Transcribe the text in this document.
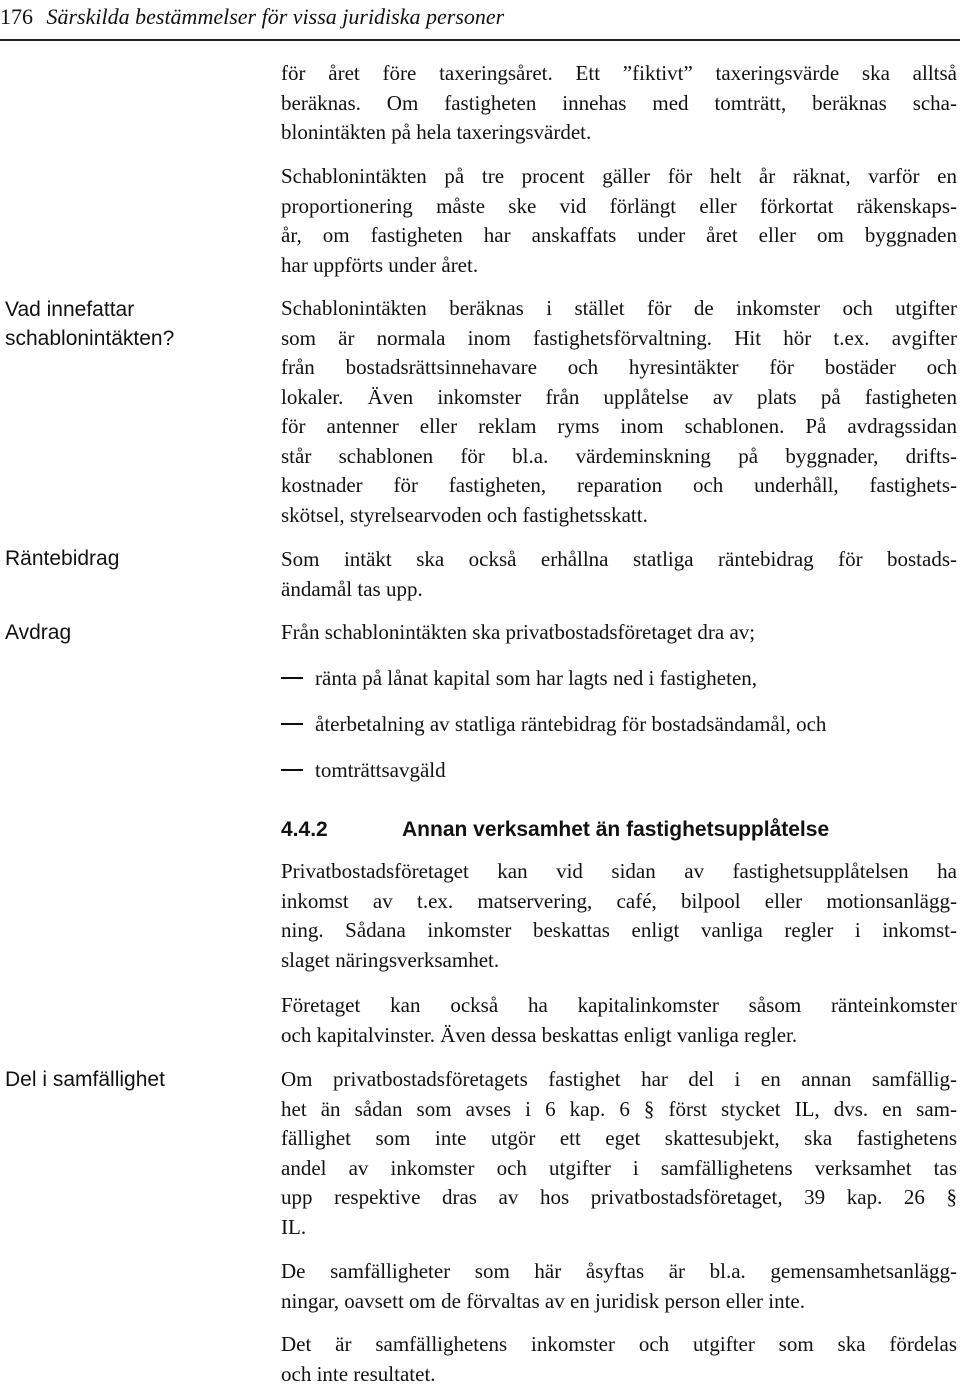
176 Särskilda bestämmelser för vissa juridiska personer
Vad innefattar
schablonintäkten?
Räntebidrag
Avdrag
Del i samfällighet
för året före taxeringsåret. Ett ”fiktivt” taxeringsvärde ska alltså
beräknas. Om fastigheten innehas med tomträtt, beräknas scha-
blonintäkten på hela taxeringsvärdet.
Schablonintäkten på tre procent gäller för helt år räknat, varför en
proportionering måste ske vid förlängt eller förkortat räkenskaps-
år, om fastigheten har anskaffats under året eller om byggnaden
har uppförts under året.
Schablonintäkten beräknas i stället för de inkomster och utgifter
som är normala inom fastighetsförvaltning. Hit hör t.ex. avgifter
från bostadsrättsinnehavare och hyresintäkter för bostäder och
lokaler. Även inkomster från upplåtelse av plats på fastigheten
för antenner eller reklam ryms inom schablonen. På avdragssidan
står schablonen för bl.a. värdeminskning på byggnader, drifts-
kostnader för fastigheten, reparation och underhåll, fastighets-
skötsel, styrelsearvoden och fastighetsskatt.
Som intäkt ska också erhållna statliga räntebidrag för bostads-
ändamål tas upp.
Från schablonintäkten ska privatbostadsföretaget dra av;
ränta på lånat kapital som har lagts ned i fastigheten,
återbetalning av statliga räntebidrag för bostadsändamål, och
tomträttsavgäld
4.4.2	Annan verksamhet än fastighetsupplåtelse
Privatbostadsföretaget kan vid sidan av fastighetsupplåtelsen ha
inkomst av t.ex. matservering, café, bilpool eller motionsanlägg-
ning. Sådana inkomster beskattas enligt vanliga regler i inkomst-
slaget näringsverksamhet.
Företaget kan också ha kapitalinkomster såsom ränteinkomster
och kapitalvinster. Även dessa beskattas enligt vanliga regler.
Om privatbostadsföretagets fastighet har del i en annan samfällig-
het än sådan som avses i 6 kap. 6 § först stycket IL, dvs. en sam-
fällighet som inte utgör ett eget skattesubjekt, ska fastighetens
andel av inkomster och utgifter i samfällighetens verksamhet tas
upp respektive dras av hos privatbostadsföretaget, 39 kap. 26 §
IL.
De samfälligheter som här åsyftas är bl.a. gemensamhetsanlägg-
ningar, oavsett om de förvaltas av en juridisk person eller inte.
Det är samfällighetens inkomster och utgifter som ska fördelas
och inte resultatet.
